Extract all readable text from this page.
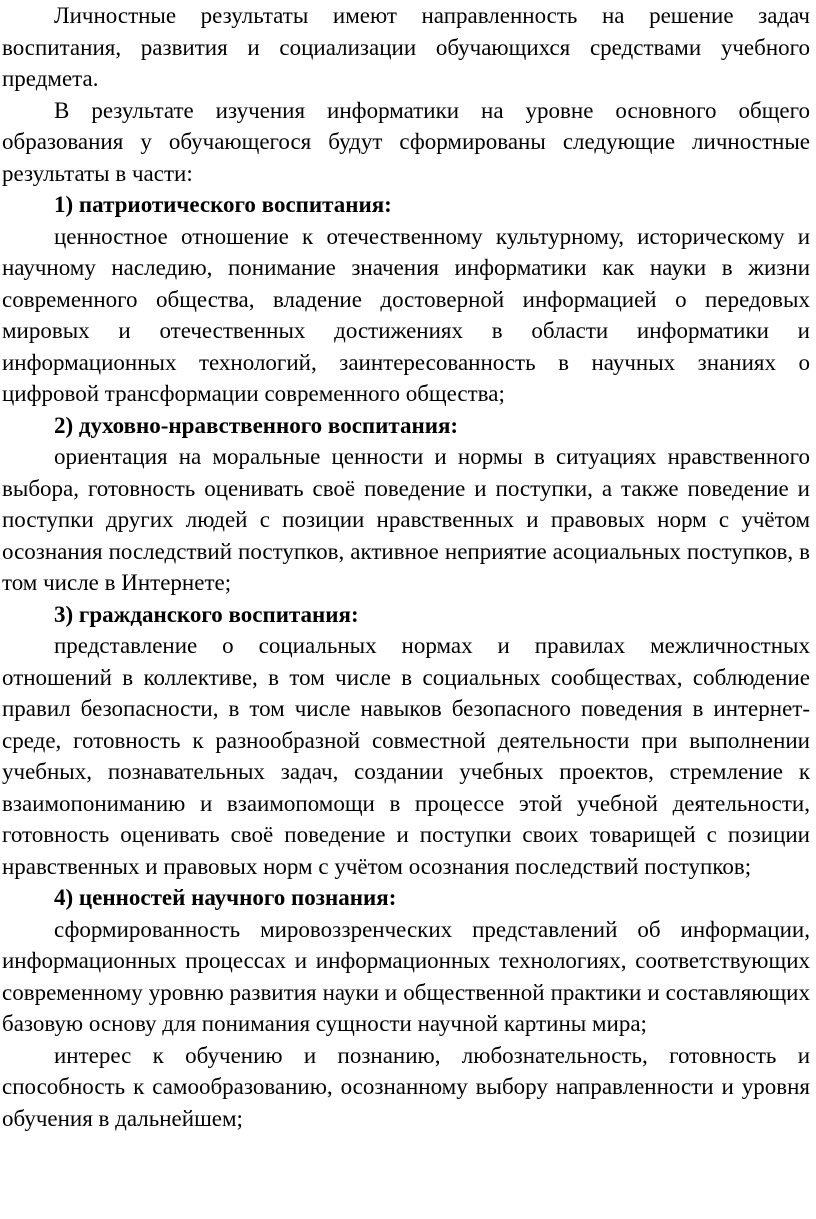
Личностные результаты имеют направленность на решение задач воспитания, развития и социализации обучающихся средствами учебного предмета.

В результате изучения информатики на уровне основного общего образования у обучающегося будут сформированы следующие личностные результаты в части:

1) патриотического воспитания:

ценностное отношение к отечественному культурному, историческому и научному наследию, понимание значения информатики как науки в жизни современного общества, владение достоверной информацией о передовых мировых и отечественных достижениях в области информатики и информационных технологий, заинтересованность в научных знаниях о цифровой трансформации современного общества;

2) духовно-нравственного воспитания:

ориентация на моральные ценности и нормы в ситуациях нравственного выбора, готовность оценивать своё поведение и поступки, а также поведение и поступки других людей с позиции нравственных и правовых норм с учётом осознания последствий поступков, активное неприятие асоциальных поступков, в том числе в Интернете;

3) гражданского воспитания:

представление о социальных нормах и правилах межличностных отношений в коллективе, в том числе в социальных сообществах, соблюдение правил безопасности, в том числе навыков безопасного поведения в интернет-среде, готовность к разнообразной совместной деятельности при выполнении учебных, познавательных задач, создании учебных проектов, стремление к взаимопониманию и взаимопомощи в процессе этой учебной деятельности, готовность оценивать своё поведение и поступки своих товарищей с позиции нравственных и правовых норм с учётом осознания последствий поступков;

4) ценностей научного познания:

сформированность мировоззренческих представлений об информации, информационных процессах и информационных технологиях, соответствующих современному уровню развития науки и общественной практики и составляющих базовую основу для понимания сущности научной картины мира;

интерес к обучению и познанию, любознательность, готовность и способность к самообразованию, осознанному выбору направленности и уровня обучения в дальнейшем;
